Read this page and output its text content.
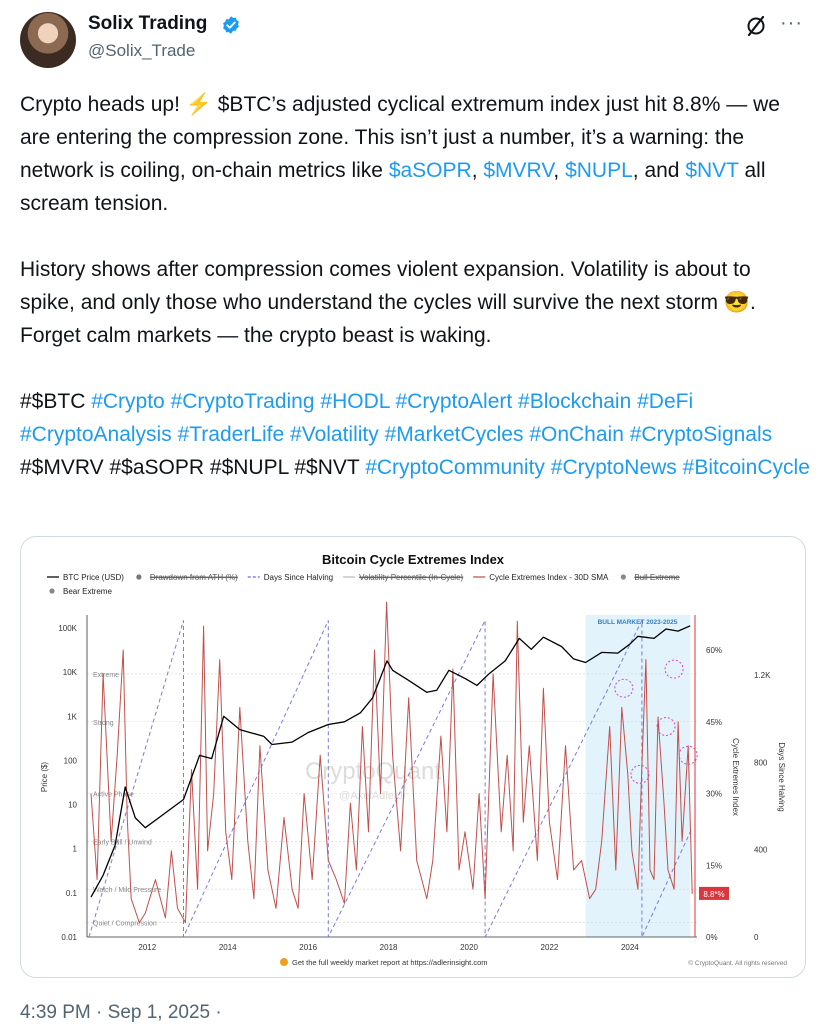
Solix Trading
@Solix_Trade
···

Crypto heads up! ⚡ $BTC’s adjusted cyclical extremum index just hit 8.8% — we are entering the compression zone. This isn’t just a number, it’s a warning: the network is coiling, on-chain metrics like $aSOPR, $MVRV, $NUPL, and $NVT all scream tension.

History shows after compression comes violent expansion. Volatility is about to spike, and only those who understand the cycles will survive the next storm 😎. Forget calm markets — the crypto beast is waking.

#$BTC #Crypto #CryptoTrading #HODL #CryptoAlert #Blockchain #DeFi #CryptoAnalysis #TraderLife #Volatility #MarketCycles #OnChain #CryptoSignals #$MVRV #$aSOPR #$NUPL #$NVT #CryptoCommunity #CryptoNews #BitcoinCycle

Bitcoin Cycle Extremes Index
BTC Price (USD)	Drawdown from ATH (%)	Days Since Halving	Volatility Percentile (In-Cycle)	Cycle Extremes Index - 30D SMA	Bull Extreme
Bear Extreme
BULL MARKET 2023-2025
Extreme
Strong
Active Phase
Early Bull / Unwind
Watch / Mild Pressure
Quiet / Compression
CryptoQuant
@AxelAdlerJr
100K
10K
1K
100
10
1
0.1
0.01
Price ($)
2012	2014	2016	2018	2020	2022	2024
60%
45%
30%
15%
0%
Cycle Extremes Index
1.2K
800
400
0
Days Since Halving
8.8*%
Get the full weekly market report at https://adlerinsight.com	© CryptoQuant. All rights reserved
4:39 PM · Sep 1, 2025 ·
